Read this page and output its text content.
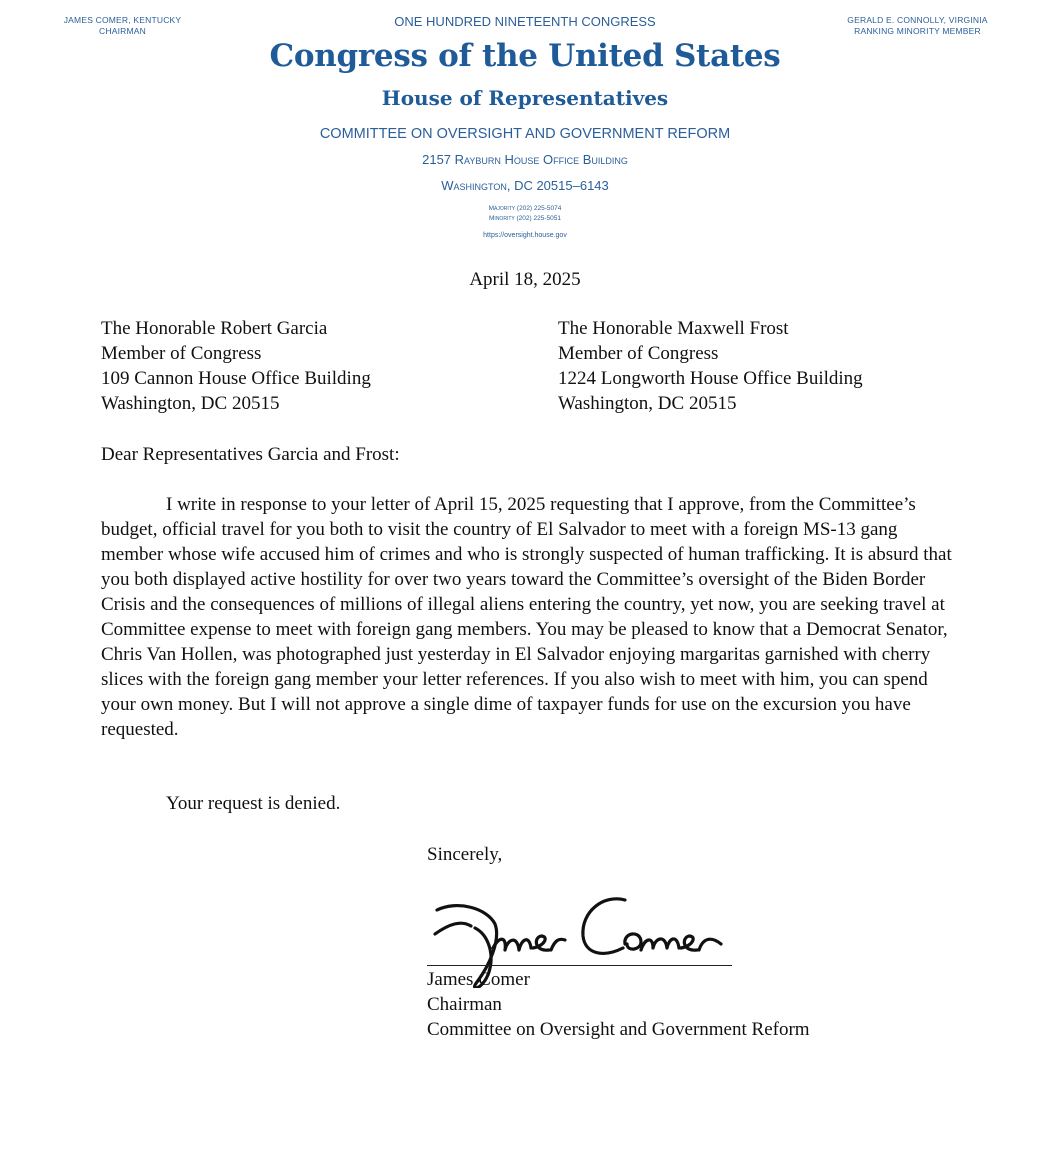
JAMES COMER, KENTUCKY
CHAIRMAN
GERALD E. CONNOLLY, VIRGINIA
RANKING MINORITY MEMBER
ONE HUNDRED NINETEENTH CONGRESS
Congress of the United States
House of Representatives
COMMITTEE ON OVERSIGHT AND GOVERNMENT REFORM
2157 Rayburn House Office Building
Washington, DC 20515–6143
Majority (202) 225-5074
Minority (202) 225-5051
https://oversight.house.gov
April 18, 2025
The Honorable Robert Garcia
Member of Congress
109 Cannon House Office Building
Washington, DC 20515
The Honorable Maxwell Frost
Member of Congress
1224 Longworth House Office Building
Washington, DC 20515
Dear Representatives Garcia and Frost:
I write in response to your letter of April 15, 2025 requesting that I approve, from the Committee’s budget, official travel for you both to visit the country of El Salvador to meet with a foreign MS-13 gang member whose wife accused him of crimes and who is strongly suspected of human trafficking. It is absurd that you both displayed active hostility for over two years toward the Committee’s oversight of the Biden Border Crisis and the consequences of millions of illegal aliens entering the country, yet now, you are seeking travel at Committee expense to meet with foreign gang members. You may be pleased to know that a Democrat Senator, Chris Van Hollen, was photographed just yesterday in El Salvador enjoying margaritas garnished with cherry slices with the foreign gang member your letter references. If you also wish to meet with him, you can spend your own money. But I will not approve a single dime of taxpayer funds for use on the excursion you have requested.
Your request is denied.
Sincerely,
James Comer
Chairman
Committee on Oversight and Government Reform
